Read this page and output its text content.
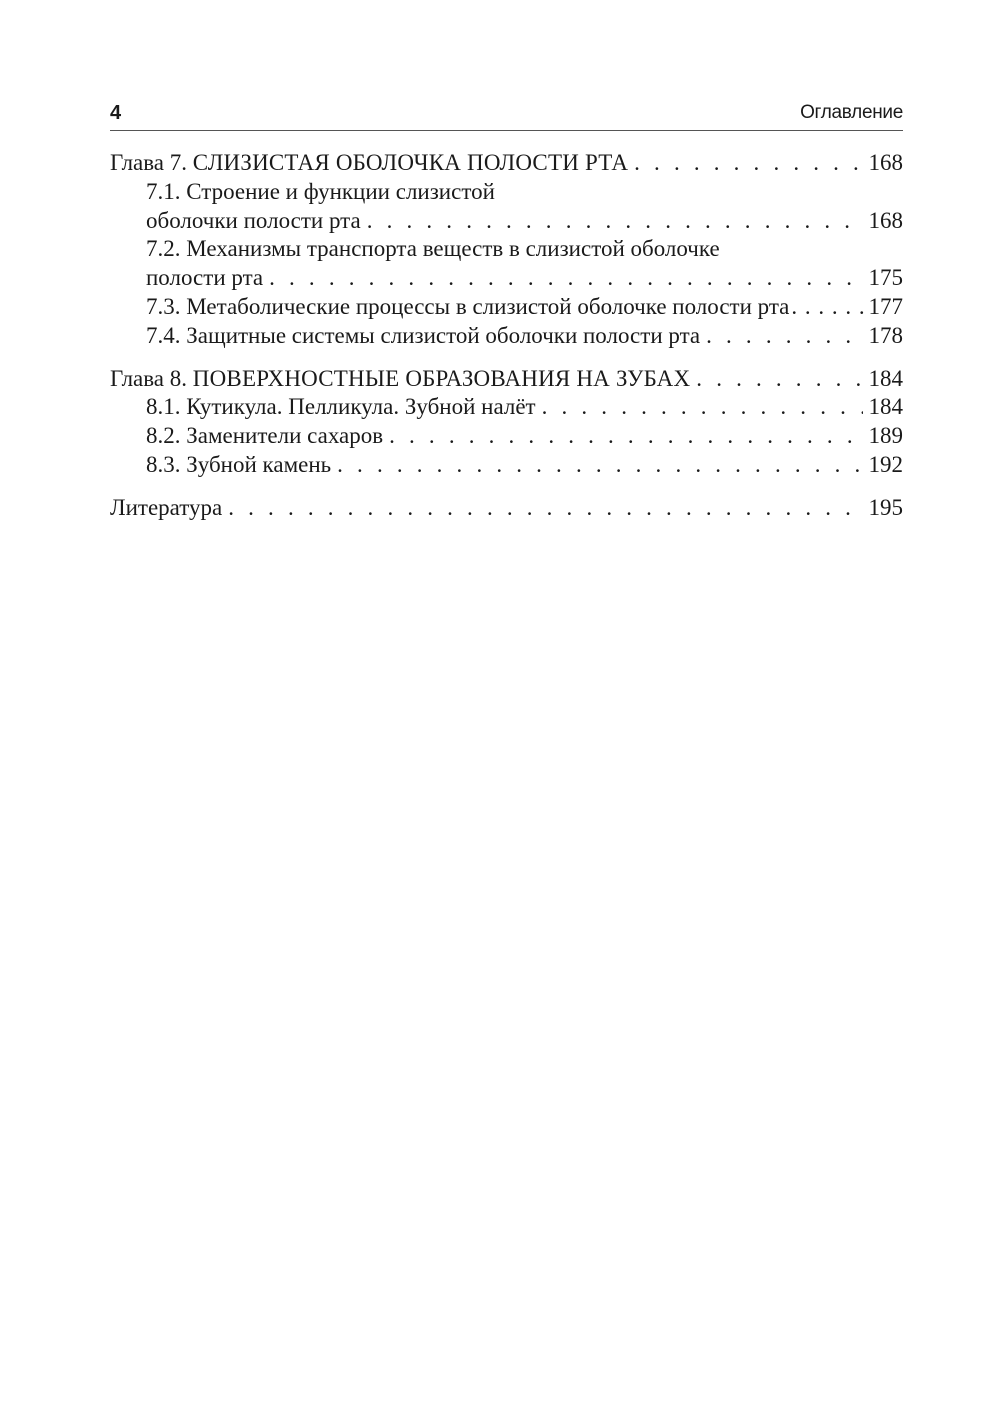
4	Оглавление
Глава 7. СЛИЗИСТАЯ ОБОЛОЧКА ПОЛОСТИ РТА . . .	168
7.1. Строение и функции слизистой
оболочки полости рта . . .	168
7.2. Механизмы транспорта веществ в слизистой оболочке
полости рта . . .	175
7.3. Метаболические процессы в слизистой оболочке полости рта . . .	177
7.4. Защитные системы слизистой оболочки полости рта . . .	178
Глава 8. ПОВЕРХНОСТНЫЕ ОБРАЗОВАНИЯ НА ЗУБАХ . . .	184
8.1. Кутикула. Пелликула. Зубной налёт . . .	184
8.2. Заменители сахаров . . .	189
8.3. Зубной камень . . .	192
Литература . . .	195
